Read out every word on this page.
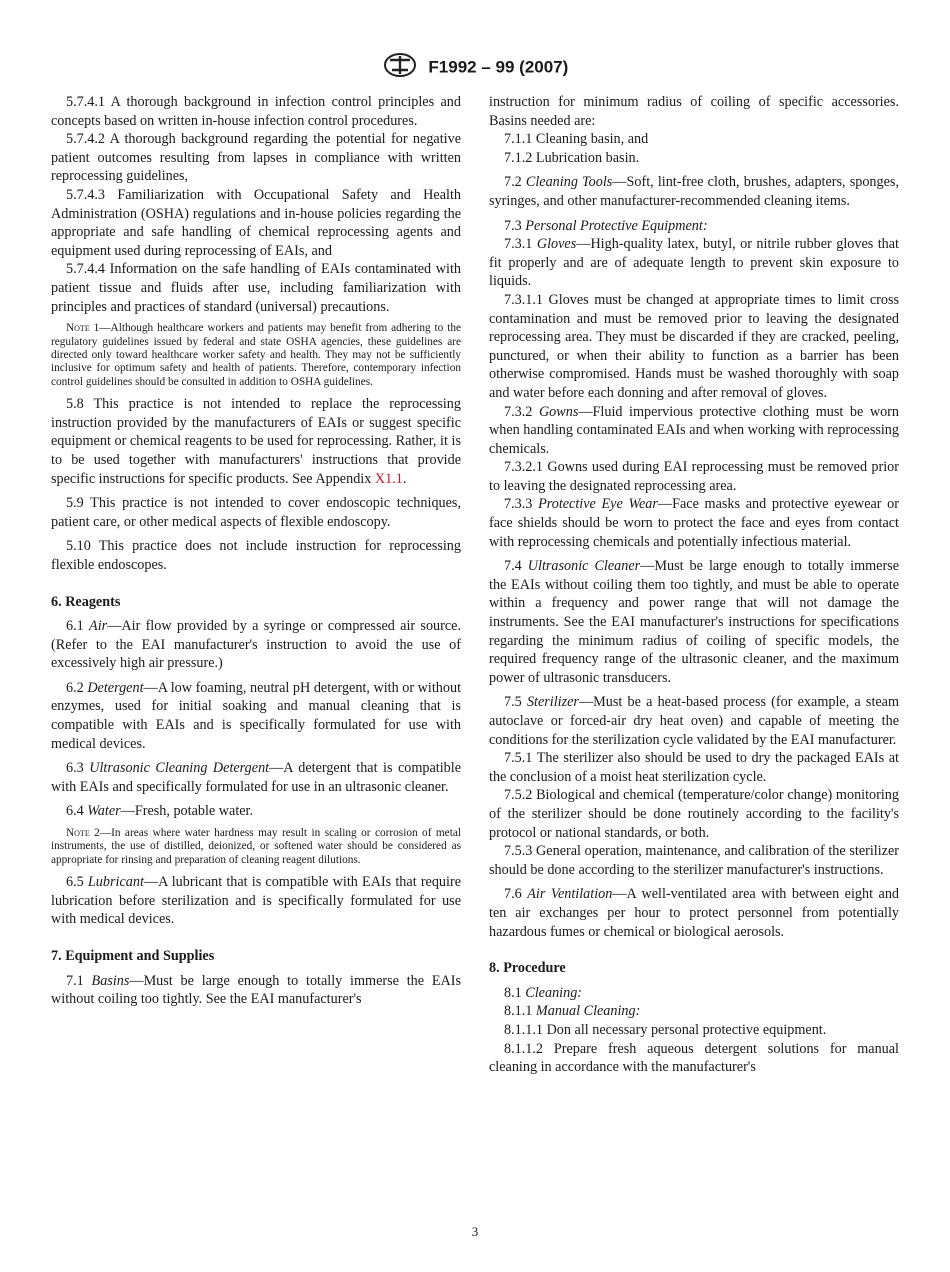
F1992 – 99 (2007)

5.7.4.1 A thorough background in infection control principles and concepts based on written in-house infection control procedures.

5.7.4.2 A thorough background regarding the potential for negative patient outcomes resulting from lapses in compliance with written reprocessing guidelines,

5.7.4.3 Familiarization with Occupational Safety and Health Administration (OSHA) regulations and in-house policies regarding the appropriate and safe handling of chemical reprocessing agents and equipment used during reprocessing of EAIs, and

5.7.4.4 Information on the safe handling of EAIs contaminated with patient tissue and fluids after use, including familiarization with principles and practices of standard (universal) precautions.

Note 1—Although healthcare workers and patients may benefit from adhering to the regulatory guidelines issued by federal and state OSHA agencies, these guidelines are directed only toward healthcare worker safety and health. They may not be sufficiently inclusive for optimum safety and health of patients. Therefore, contemporary infection control guidelines should be consulted in addition to OSHA guidelines.

5.8 This practice is not intended to replace the reprocessing instruction provided by the manufacturers of EAIs or suggest specific equipment or chemical reagents to be used for reprocessing. Rather, it is to be used together with manufacturers' instructions that provide specific instructions for specific products. See Appendix X1.1.

5.9 This practice is not intended to cover endoscopic techniques, patient care, or other medical aspects of flexible endoscopy.

5.10 This practice does not include instruction for reprocessing flexible endoscopes.

6. Reagents

6.1 Air—Air flow provided by a syringe or compressed air source. (Refer to the EAI manufacturer's instruction to avoid the use of excessively high air pressure.)

6.2 Detergent—A low foaming, neutral pH detergent, with or without enzymes, used for initial soaking and manual cleaning that is compatible with EAIs and is specifically formulated for use with medical devices.

6.3 Ultrasonic Cleaning Detergent—A detergent that is compatible with EAIs and specifically formulated for use in an ultrasonic cleaner.

6.4 Water—Fresh, potable water.

Note 2—In areas where water hardness may result in scaling or corrosion of metal instruments, the use of distilled, deionized, or softened water should be considered as appropriate for rinsing and preparation of cleaning reagent dilutions.

6.5 Lubricant—A lubricant that is compatible with EAIs that require lubrication before sterilization and is specifically formulated for use with medical devices.

7. Equipment and Supplies

7.1 Basins—Must be large enough to totally immerse the EAIs without coiling too tightly. See the EAI manufacturer's

instruction for minimum radius of coiling of specific accessories. Basins needed are:

7.1.1 Cleaning basin, and

7.1.2 Lubrication basin.

7.2 Cleaning Tools—Soft, lint-free cloth, brushes, adapters, sponges, syringes, and other manufacturer-recommended cleaning items.

7.3 Personal Protective Equipment:

7.3.1 Gloves—High-quality latex, butyl, or nitrile rubber gloves that fit properly and are of adequate length to prevent skin exposure to liquids.

7.3.1.1 Gloves must be changed at appropriate times to limit cross contamination and must be removed prior to leaving the designated reprocessing area. They must be discarded if they are cracked, peeling, punctured, or when their ability to function as a barrier has been otherwise compromised. Hands must be washed thoroughly with soap and water before each donning and after removal of gloves.

7.3.2 Gowns—Fluid impervious protective clothing must be worn when handling contaminated EAIs and when working with reprocessing chemicals.

7.3.2.1 Gowns used during EAI reprocessing must be removed prior to leaving the designated reprocessing area.

7.3.3 Protective Eye Wear—Face masks and protective eyewear or face shields should be worn to protect the face and eyes from contact with reprocessing chemicals and potentially infectious material.

7.4 Ultrasonic Cleaner—Must be large enough to totally immerse the EAIs without coiling them too tightly, and must be able to operate within a frequency and power range that will not damage the instruments. See the EAI manufacturer's instructions for specifications regarding the minimum radius of coiling of specific models, the required frequency range of the ultrasonic cleaner, and the maximum power of ultrasonic transducers.

7.5 Sterilizer—Must be a heat-based process (for example, a steam autoclave or forced-air dry heat oven) and capable of meeting the conditions for the sterilization cycle validated by the EAI manufacturer.

7.5.1 The sterilizer also should be used to dry the packaged EAIs at the conclusion of a moist heat sterilization cycle.

7.5.2 Biological and chemical (temperature/color change) monitoring of the sterilizer should be done routinely according to the facility's protocol or national standards, or both.

7.5.3 General operation, maintenance, and calibration of the sterilizer should be done according to the sterilizer manufacturer's instructions.

7.6 Air Ventilation—A well-ventilated area with between eight and ten air exchanges per hour to protect personnel from potentially hazardous fumes or chemical or biological aerosols.

8. Procedure

8.1 Cleaning:

8.1.1 Manual Cleaning:

8.1.1.1 Don all necessary personal protective equipment.

8.1.1.2 Prepare fresh aqueous detergent solutions for manual cleaning in accordance with the manufacturer's

3
